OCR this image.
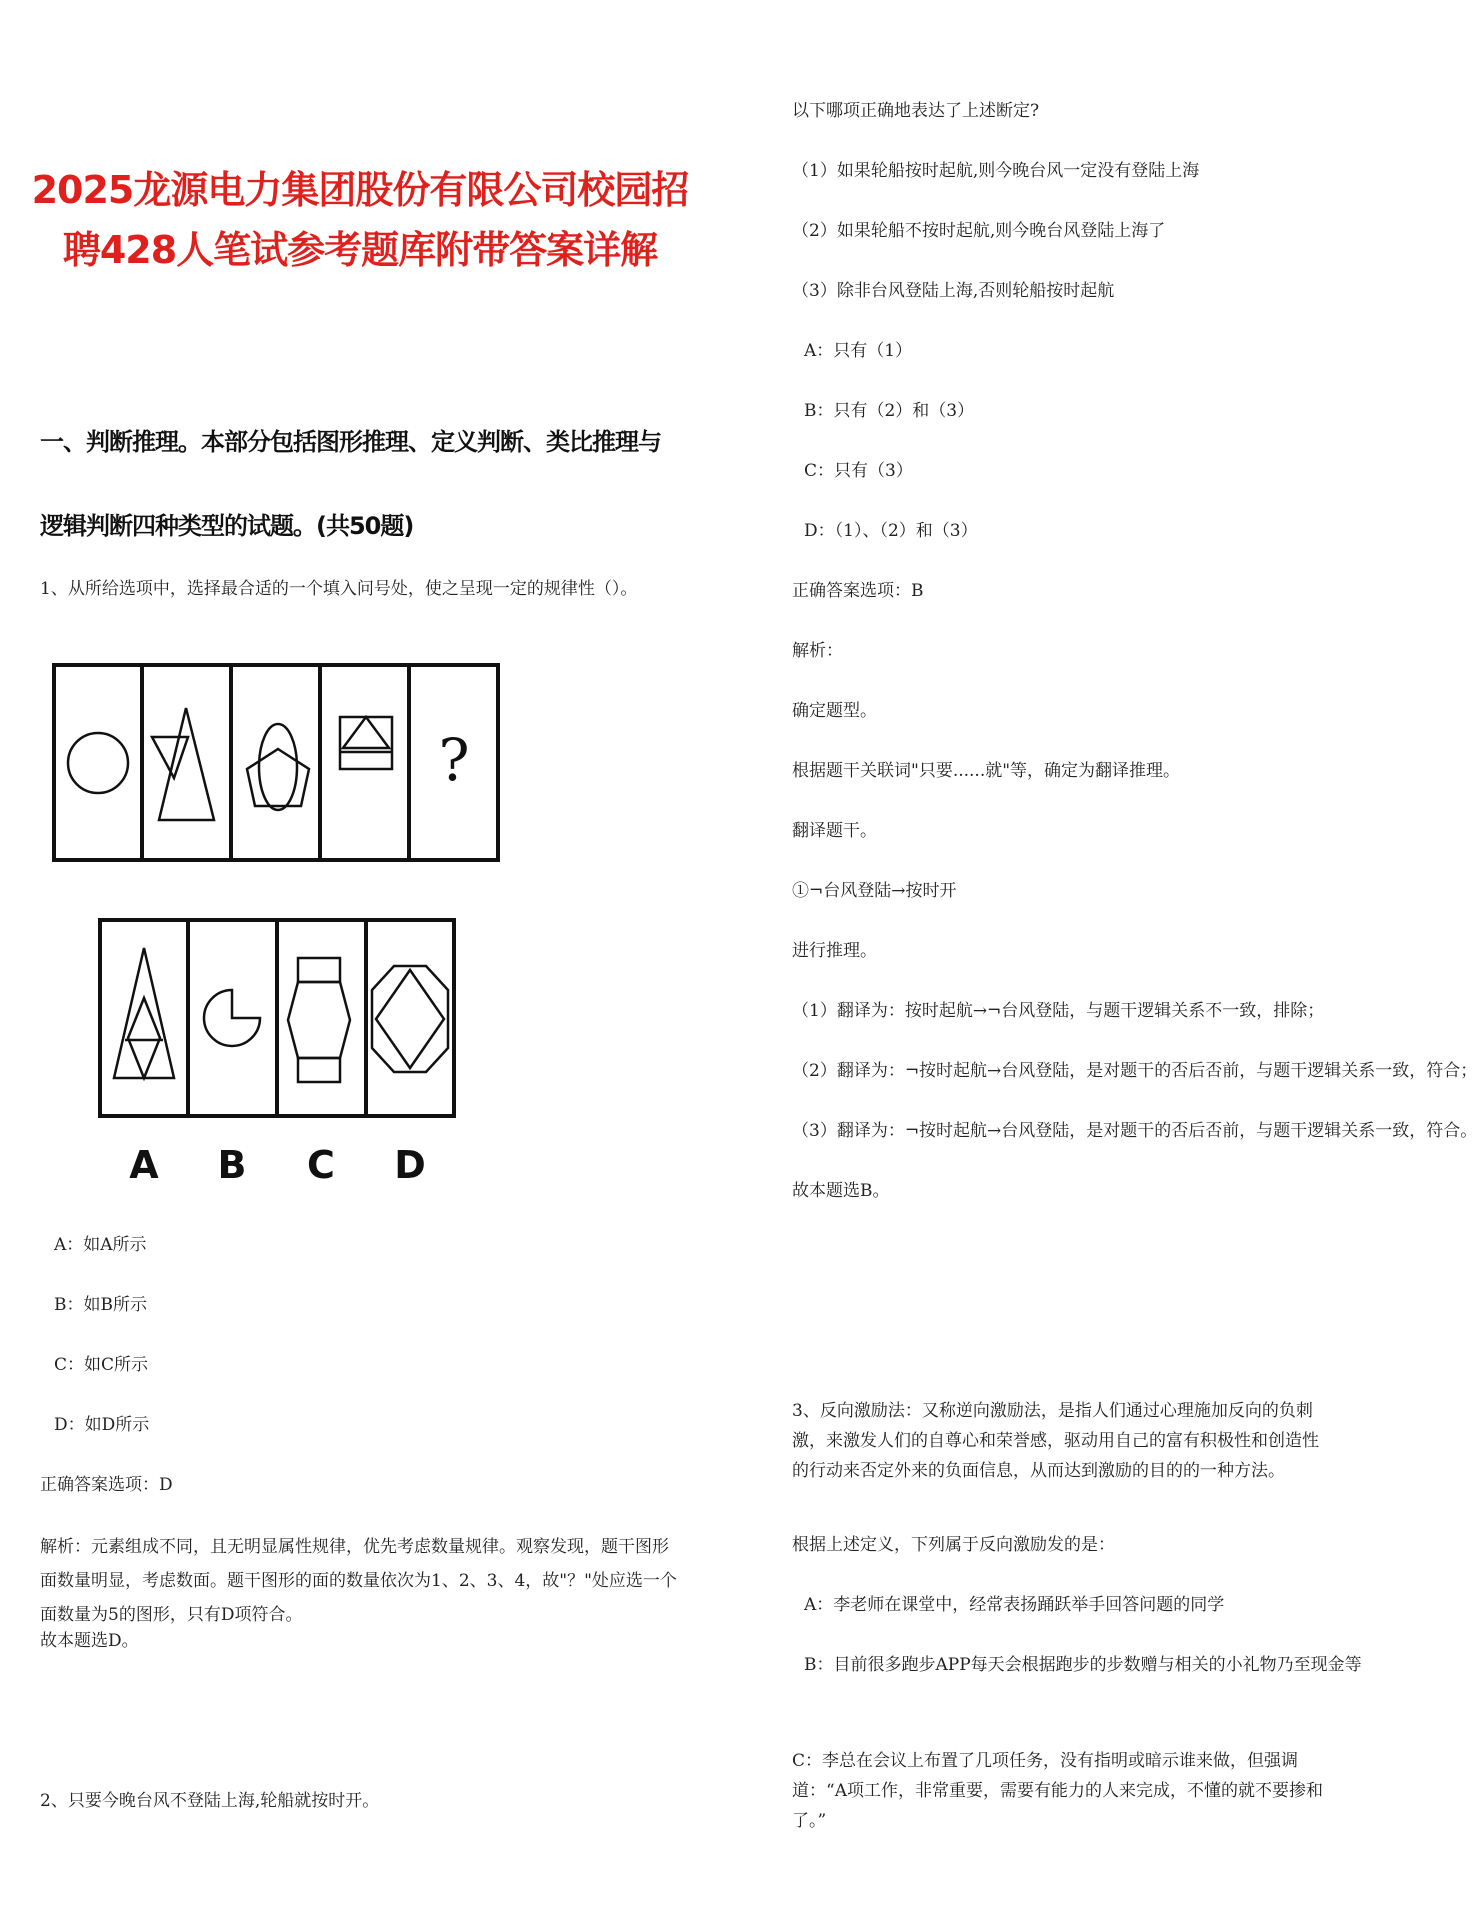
2025龙源电力集团股份有限公司校园招聘428人笔试参考题库附带答案详解
一、判断推理。本部分包括图形推理、定义判断、类比推理与逻辑判断四种类型的试题。(共50题)
1、从所给选项中，选择最合适的一个填入问号处，使之呈现一定的规律性（）。
?
A B C D
A：如A所示
B：如B所示
C：如C所示
D：如D所示
正确答案选项：D
解析：元素组成不同，且无明显属性规律，优先考虑数量规律。观察发现，题干图形面数量明显，考虑数面。题干图形的面的数量依次为1、2、3、4，故"？"处应选一个面数量为5的图形，只有D项符合。
故本题选D。
2、只要今晚台风不登陆上海,轮船就按时开。
以下哪项正确地表达了上述断定?
（1）如果轮船按时起航,则今晚台风一定没有登陆上海
（2）如果轮船不按时起航,则今晚台风登陆上海了
（3）除非台风登陆上海,否则轮船按时起航
A：只有（1）
B：只有（2）和（3）
C：只有（3）
D：（1）、（2）和（3）
正确答案选项：B
解析：
确定题型。
根据题干关联词"只要......就"等，确定为翻译推理。
翻译题干。
①¬台风登陆→按时开
进行推理。
（1）翻译为：按时起航→¬台风登陆，与题干逻辑关系不一致，排除；
（2）翻译为：¬按时起航→台风登陆，是对题干的否后否前，与题干逻辑关系一致，符合；
（3）翻译为：¬按时起航→台风登陆，是对题干的否后否前，与题干逻辑关系一致，符合。
故本题选B。
3、反向激励法：又称逆向激励法，是指人们通过心理施加反向的负刺激，来激发人们的自尊心和荣誉感，驱动用自己的富有积极性和创造性的行动来否定外来的负面信息，从而达到激励的目的的一种方法。
根据上述定义，下列属于反向激励发的是：
A：李老师在课堂中，经常表扬踊跃举手回答问题的同学
B：目前很多跑步APP每天会根据跑步的步数赠与相关的小礼物乃至现金等
C：李总在会议上布置了几项任务，没有指明或暗示谁来做，但强调道：“A项工作，非常重要，需要有能力的人来完成，不懂的就不要掺和了。”
